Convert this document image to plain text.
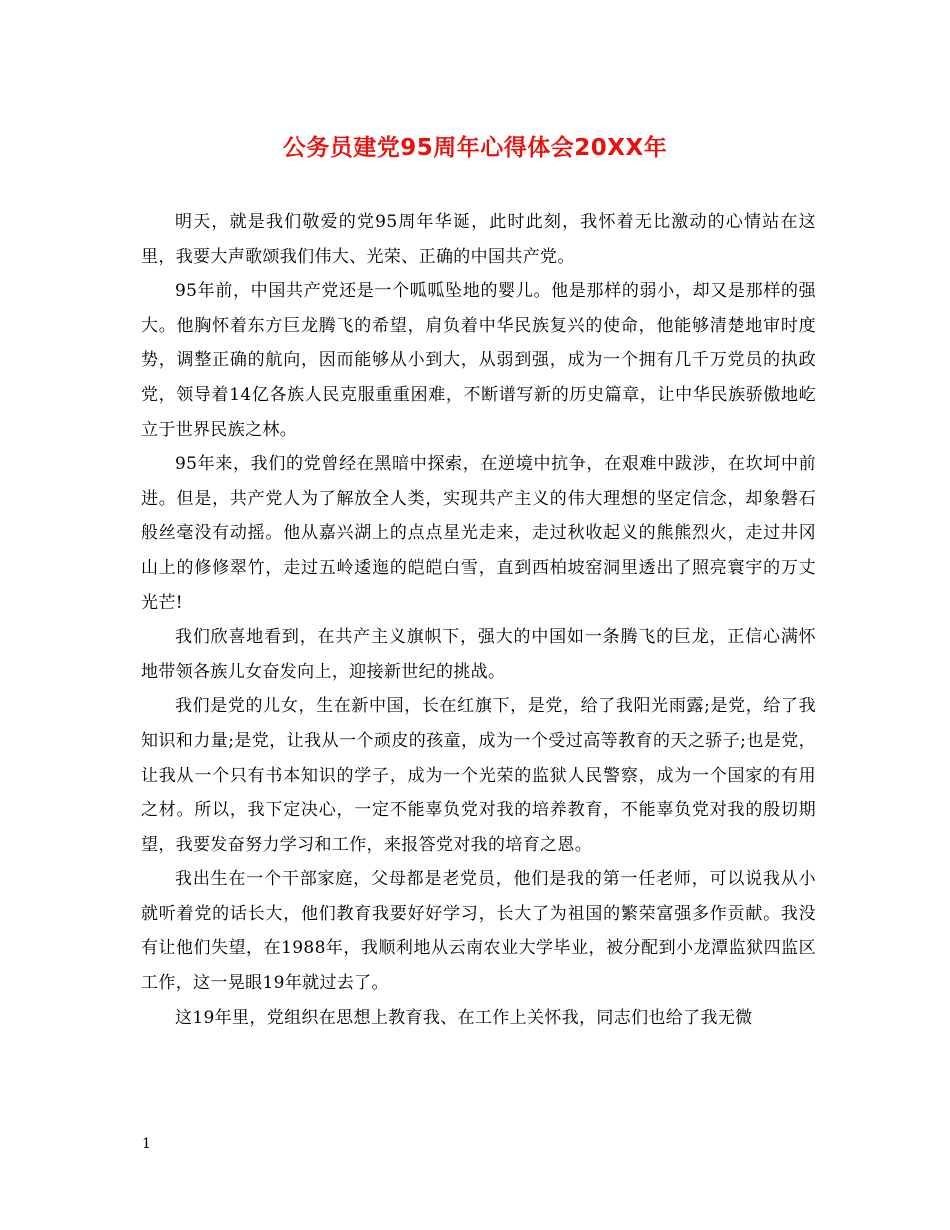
公务员建党95周年心得体会20XX年

明天，就是我们敬爱的党95周年华诞，此时此刻，我怀着无比激动的心情站在这里，我要大声歌颂我们伟大、光荣、正确的中国共产党。

95年前，中国共产党还是一个呱呱坠地的婴儿。他是那样的弱小，却又是那样的强大。他胸怀着东方巨龙腾飞的希望，肩负着中华民族复兴的使命，他能够清楚地审时度势，调整正确的航向，因而能够从小到大，从弱到强，成为一个拥有几千万党员的执政党，领导着14亿各族人民克服重重困难，不断谱写新的历史篇章，让中华民族骄傲地屹立于世界民族之林。

95年来，我们的党曾经在黑暗中探索，在逆境中抗争，在艰难中跋涉，在坎坷中前进。但是，共产党人为了解放全人类，实现共产主义的伟大理想的坚定信念，却象磐石般丝毫没有动摇。他从嘉兴湖上的点点星光走来，走过秋收起义的熊熊烈火，走过井冈山上的修修翠竹，走过五岭逶迤的皑皑白雪，直到西柏坡窑洞里透出了照亮寰宇的万丈光芒!

我们欣喜地看到，在共产主义旗帜下，强大的中国如一条腾飞的巨龙，正信心满怀地带领各族儿女奋发向上，迎接新世纪的挑战。

我们是党的儿女，生在新中国，长在红旗下，是党，给了我阳光雨露;是党，给了我知识和力量;是党，让我从一个顽皮的孩童，成为一个受过高等教育的天之骄子;也是党，让我从一个只有书本知识的学子，成为一个光荣的监狱人民警察，成为一个国家的有用之材。所以，我下定决心，一定不能辜负党对我的培养教育，不能辜负党对我的殷切期望，我要发奋努力学习和工作，来报答党对我的培育之恩。

我出生在一个干部家庭，父母都是老党员，他们是我的第一任老师，可以说我从小就听着党的话长大，他们教育我要好好学习，长大了为祖国的繁荣富强多作贡献。我没有让他们失望，在1988年，我顺利地从云南农业大学毕业，被分配到小龙潭监狱四监区工作，这一晃眼19年就过去了。

这19年里，党组织在思想上教育我、在工作上关怀我，同志们也给了我无微

1
